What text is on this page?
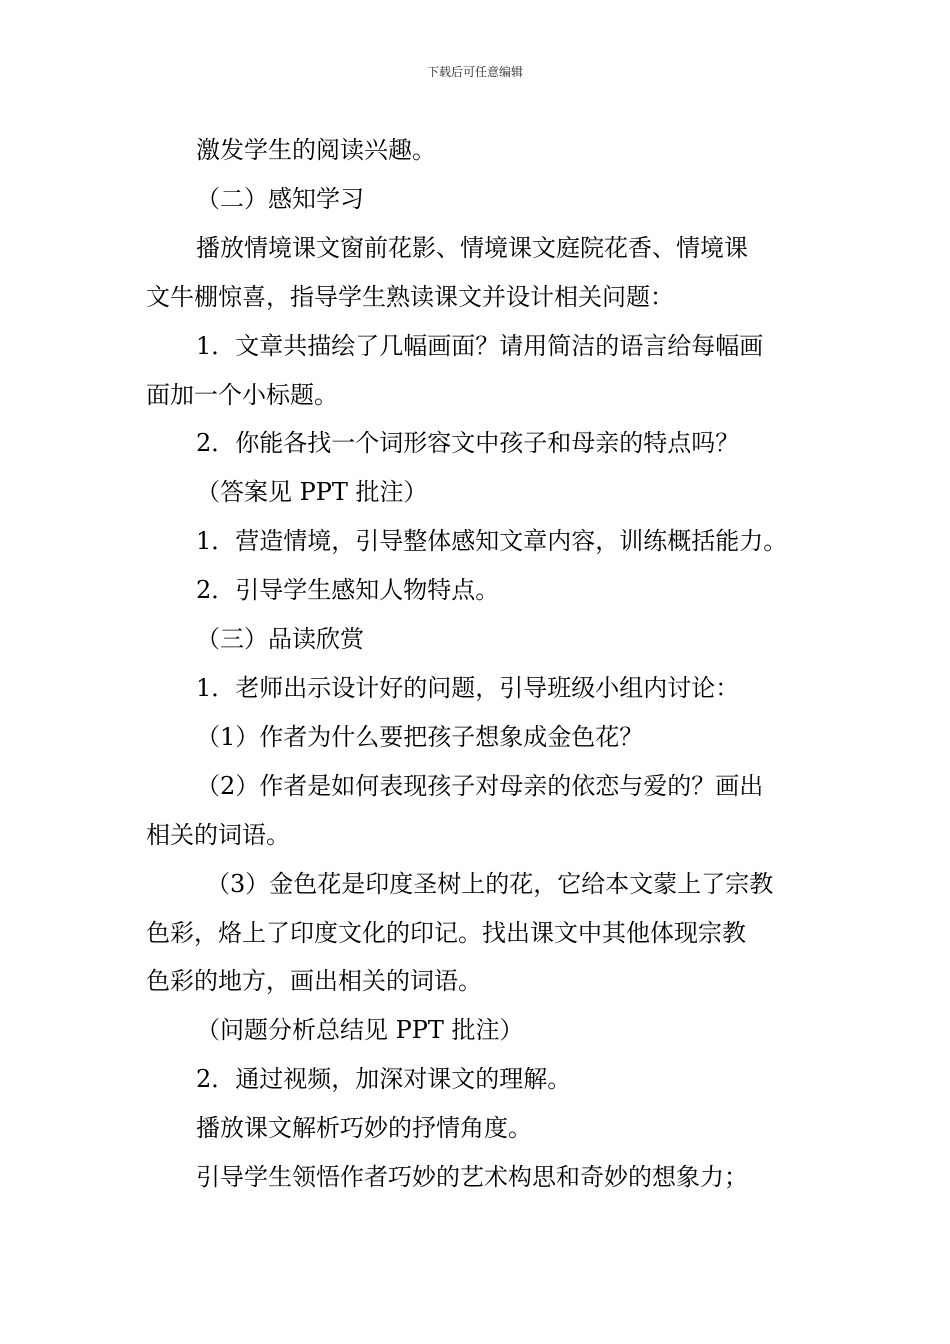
下载后可任意编辑

激发学生的阅读兴趣。

（二）感知学习

播放情境课文窗前花影、情境课文庭院花香、情境课

文牛棚惊喜，指导学生熟读课文并设计相关问题：

1．文章共描绘了几幅画面？请用简洁的语言给每幅画

面加一个小标题。

2．你能各找一个词形容文中孩子和母亲的特点吗？

（答案见 PPT 批注）

1．营造情境，引导整体感知文章内容，训练概括能力。

2．引导学生感知人物特点。

（三）品读欣赏

1．老师出示设计好的问题，引导班级小组内讨论：

（1）作者为什么要把孩子想象成金色花？

（2）作者是如何表现孩子对母亲的依恋与爱的？画出

相关的词语。

（3）金色花是印度圣树上的花，它给本文蒙上了宗教

色彩，烙上了印度文化的印记。找出课文中其他体现宗教

色彩的地方，画出相关的词语。

（问题分析总结见 PPT 批注）

2．通过视频，加深对课文的理解。

播放课文解析巧妙的抒情角度。

引导学生领悟作者巧妙的艺术构思和奇妙的想象力；
